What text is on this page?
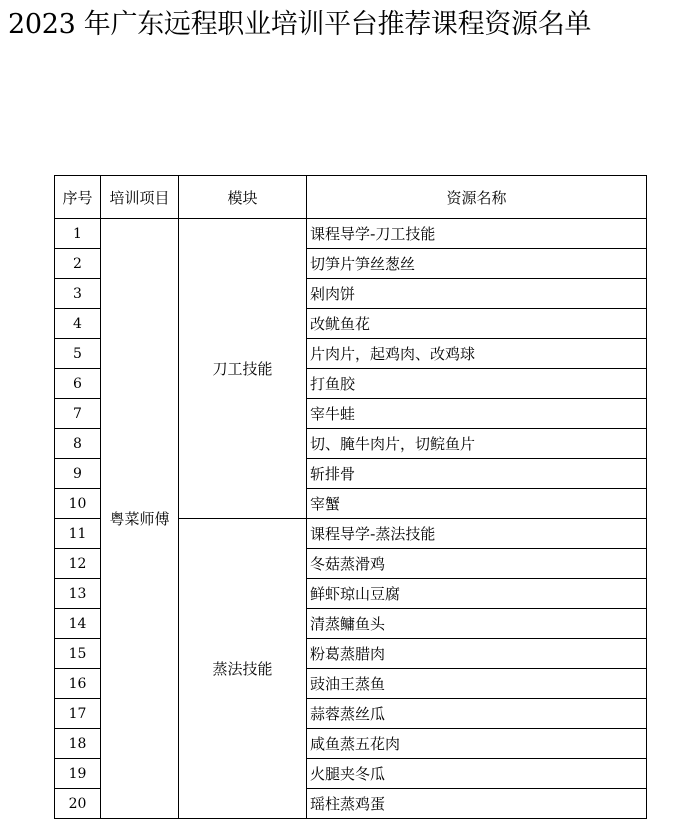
2023 年广东远程职业培训平台推荐课程资源名单
序号	培训项目	模块	资源名称
1	粤菜师傅	刀工技能	课程导学-刀工技能
2			切笋片笋丝葱丝
3			剁肉饼
4			改鱿鱼花
5			片肉片，起鸡肉、改鸡球
6			打鱼胶
7			宰牛蛙
8			切、腌牛肉片，切鲩鱼片
9			斩排骨
10			宰蟹
11		蒸法技能	课程导学-蒸法技能
12			冬菇蒸滑鸡
13			鲜虾琼山豆腐
14			清蒸鳙鱼头
15			粉葛蒸腊肉
16			豉油王蒸鱼
17			蒜蓉蒸丝瓜
18			咸鱼蒸五花肉
19			火腿夹冬瓜
20			瑶柱蒸鸡蛋
